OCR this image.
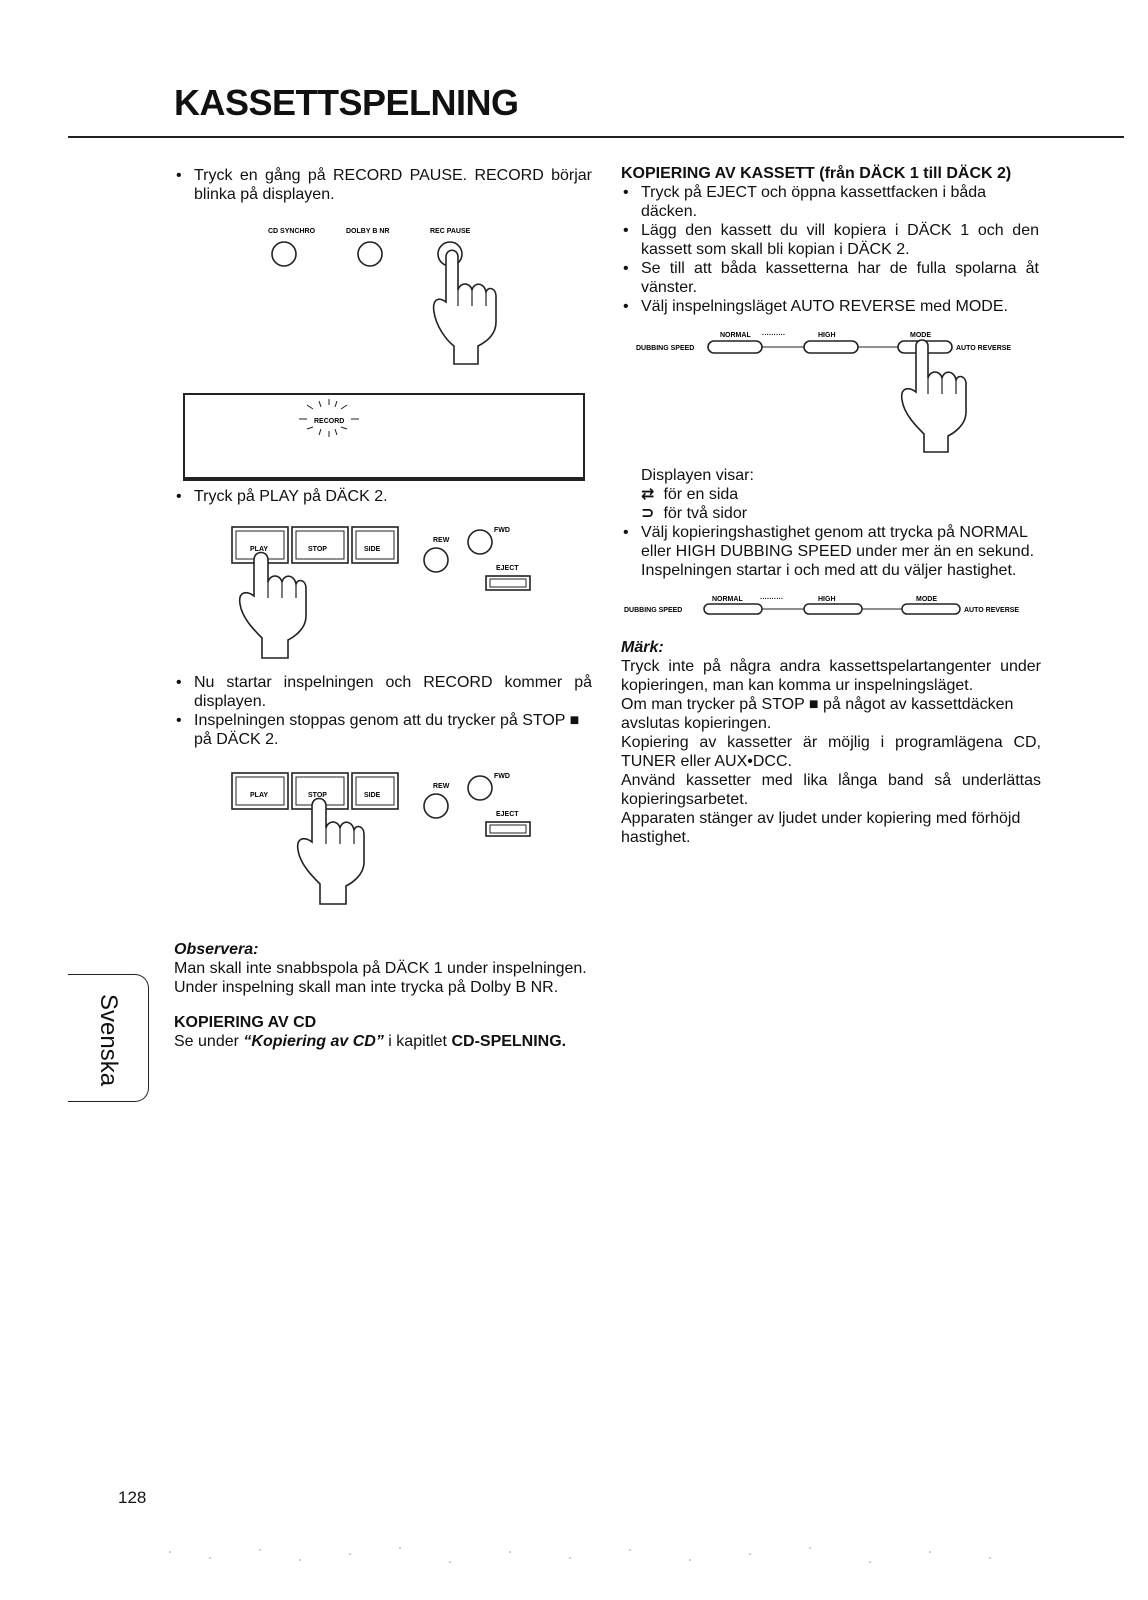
KASSETTSPELNING

• Tryck en gång på RECORD PAUSE. RECORD börjar blinka på displayen.

CD SYNCHRO	DOLBY B NR	REC PAUSE
RECORD

• Tryck på PLAY på DÄCK 2.

PLAY	STOP	SIDE
REW
FWD
EJECT

• Nu startar inspelningen och RECORD kommer på displayen.

• Inspelningen stoppas genom att du trycker på STOP ■ på DÄCK 2.

PLAY	STOP	SIDE
REW
FWD
EJECT

Observera:

Man skall inte snabbspola på DÄCK 1 under inspelningen.

Under inspelning skall man inte trycka på Dolby B NR.

KOPIERING AV CD

Se under “Kopiering av CD” i kapitlet CD-SPELNING.

Svenska

KOPIERING AV KASSETT (från DÄCK 1 till DÄCK 2)

• Tryck på EJECT och öppna kassettfacken i båda däcken.

• Lägg den kassett du vill kopiera i DÄCK 1 och den kassett som skall bli kopian i DÄCK 2.

• Se till att båda kassetterna har de fulla spolarna åt vänster.

• Välj inspelningsläget AUTO REVERSE med MODE.

NORMAL ··········	HIGH	MODE
DUBBING SPEED	AUTO REVERSE

Displayen visar:

⇄ för en sida

⊃ för två sidor

• Välj kopieringshastighet genom att trycka på NORMAL eller HIGH DUBBING SPEED under mer än en sekund. Inspelningen startar i och med att du väljer hastighet.

NORMAL ··········	HIGH	MODE
DUBBING SPEED	AUTO REVERSE

Märk:

Tryck inte på några andra kassettspelartangenter under kopieringen, man kan komma ur inspelningsläget.

Om man trycker på STOP ■ på något av kassettdäcken avslutas kopieringen.

Kopiering av kassetter är möjlig i programlägena CD, TUNER eller AUX•DCC.

Använd kassetter med lika långa band så underlättas kopieringsarbetet.

Apparaten stänger av ljudet under kopiering med förhöjd hastighet.

128
